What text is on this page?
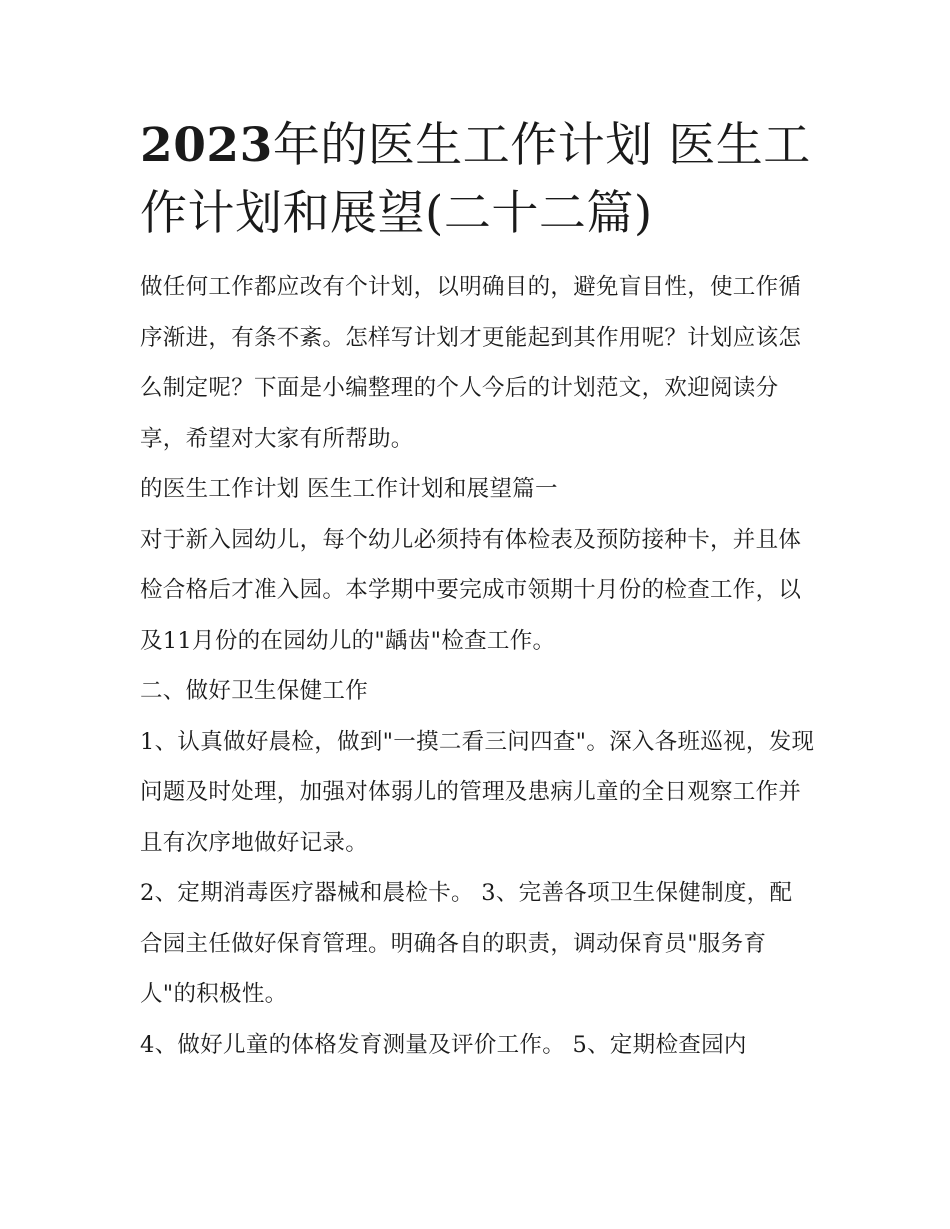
2023年的医生工作计划 医生工作计划和展望(二十二篇)

做任何工作都应改有个计划，以明确目的，避免盲目性，使工作循序渐进，有条不紊。怎样写计划才更能起到其作用呢？计划应该怎么制定呢？下面是小编整理的个人今后的计划范文，欢迎阅读分享，希望对大家有所帮助。

的医生工作计划 医生工作计划和展望篇一

对于新入园幼儿，每个幼儿必须持有体检表及预防接种卡，并且体检合格后才准入园。本学期中要完成市领期十月份的检查工作，以及11月份的在园幼儿的"龋齿"检查工作。

二、做好卫生保健工作

1、认真做好晨检，做到"一摸二看三问四查"。深入各班巡视，发现问题及时处理，加强对体弱儿的管理及患病儿童的全日观察工作并且有次序地做好记录。

2、定期消毒医疗器械和晨检卡。 3、完善各项卫生保健制度，配合园主任做好保育管理。明确各自的职责，调动保育员"服务育人"的积极性。

4、做好儿童的体格发育测量及评价工作。 5、定期检查园内
